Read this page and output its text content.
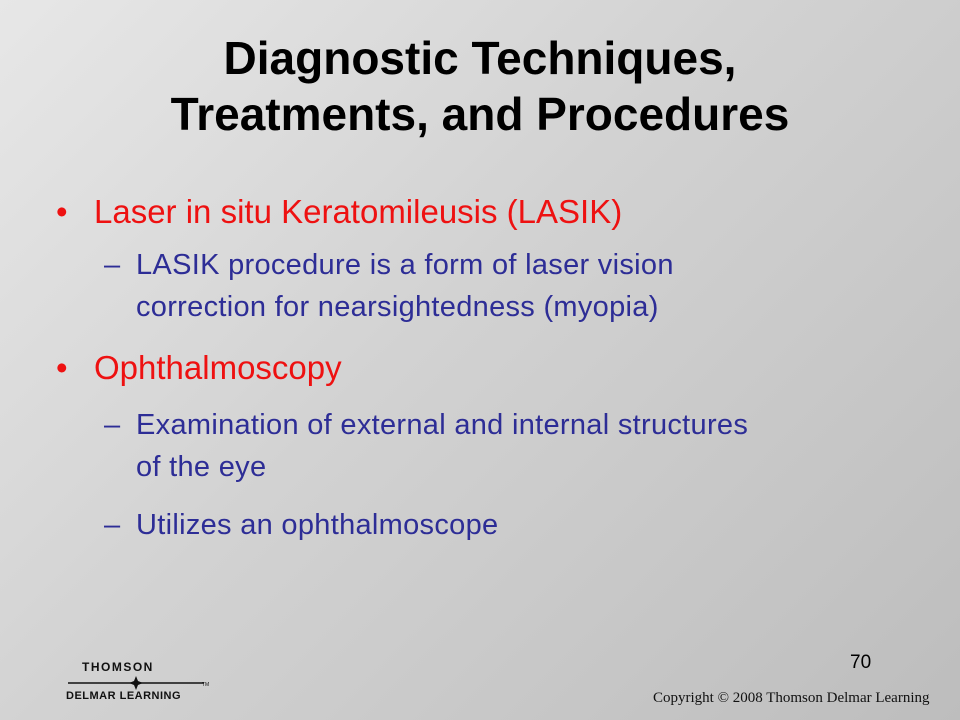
Diagnostic Techniques,
Treatments, and Procedures
• Laser in situ Keratomileusis (LASIK)
– LASIK procedure is a form of laser vision
correction for nearsightedness (myopia)
• Ophthalmoscopy
– Examination of external and internal structures
of the eye
– Utilizes an ophthalmoscope
70
THOMSON
TM
DELMAR LEARNING	Copyright © 2008 Thomson Delmar Learning
